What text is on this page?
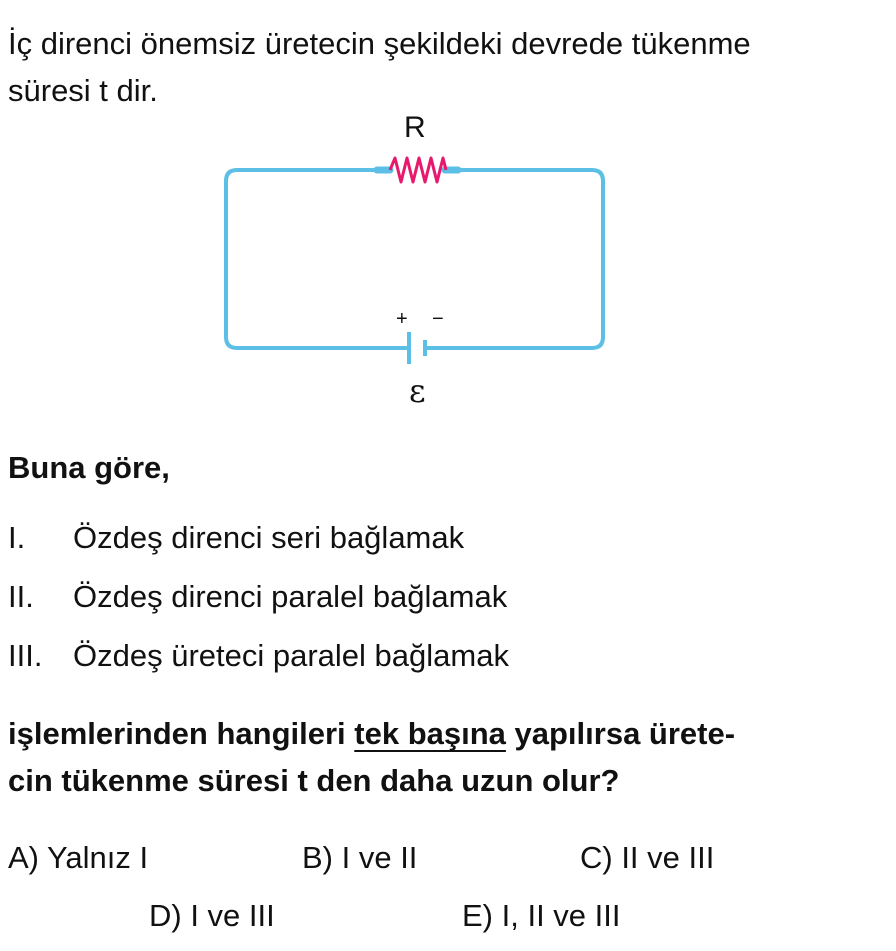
İç direnci önemsiz üretecin şekildeki devrede tükenme
süresi t dir.
R
+ −
ε
Buna göre,
I. Özdeş direnci seri bağlamak
II. Özdeş direnci paralel bağlamak
III. Özdeş üreteci paralel bağlamak
işlemlerinden hangileri tek başına yapılırsa ürete-
cin tükenme süresi t den daha uzun olur?
A) Yalnız I	B) I ve II	C) II ve III
D) I ve III	E) I, II ve III
